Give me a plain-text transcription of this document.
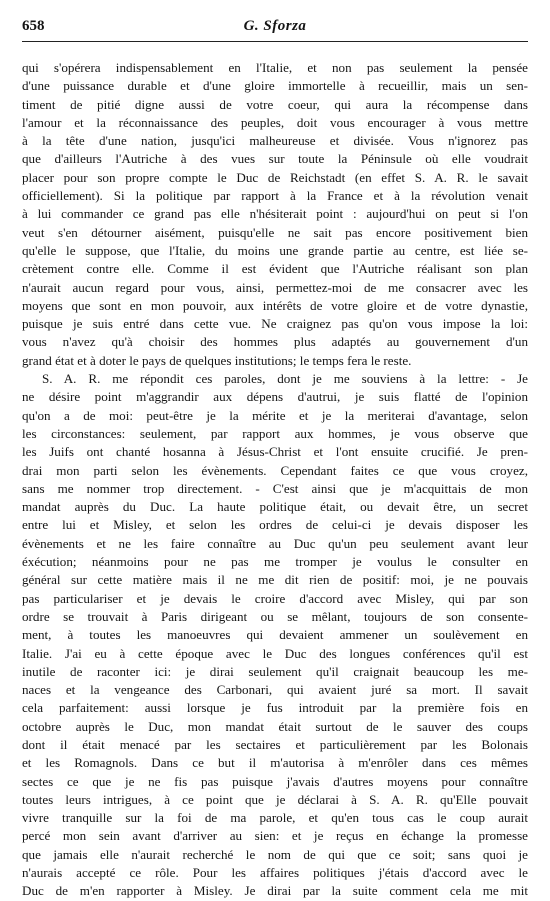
658	G. Sforza
qui s'opérera indispensablement en l'Italie, et non pas seulement la pensée
d'une puissance durable et d'une gloire immortelle à recueillir, mais un sen-
timent de pitié digne aussi de votre coeur, qui aura la récompense dans
l'amour et la réconnaissance des peuples, doit vous encourager à vous mettre
à la tête d'une nation, jusqu'ici malheureuse et divisée. Vous n'ignorez pas
que d'ailleurs l'Autriche à des vues sur toute la Péninsule où elle voudrait
placer pour son propre compte le Duc de Reichstadt (en effet S. A. R. le savait
officiellement). Si la politique par rapport à la France et à la révolution venait
à lui commander ce grand pas elle n'hésiterait point : aujourd'hui on peut si l'on
veut s'en détourner aisément, puisqu'elle ne sait pas encore positivement bien
qu'elle le suppose, que l'Italie, du moins une grande partie au centre, est liée se-
crètement contre elle. Comme il est évident que l'Autriche réalisant son plan
n'aurait aucun regard pour vous, ainsi, permettez-moi de me consacrer avec les
moyens que sont en mon pouvoir, aux intérêts de votre gloire et de votre dynastie,
puisque je suis entré dans cette vue. Ne craignez pas qu'on vous impose la loi:
vous n'avez qu'à choisir des hommes plus adaptés au gouvernement d'un
grand état et à doter le pays de quelques institutions; le temps fera le reste.
S. A. R. me répondit ces paroles, dont je me souviens à la lettre: - Je
ne désire point m'aggrandir aux dépens d'autrui, je suis flatté de l'opinion
qu'on a de moi: peut-être je la mérite et je la meriterai d'avantage, selon
les circonstances: seulement, par rapport aux hommes, je vous observe que
les Juifs ont chanté hosanna à Jésus-Christ et l'ont ensuite crucifié. Je pren-
drai mon parti selon les évènements. Cependant faites ce que vous croyez,
sans me nommer trop directement. - C'est ainsi que je m'acquittais de mon
mandat auprès du Duc. La haute politique était, ou devait être, un secret
entre lui et Misley, et selon les ordres de celui-ci je devais disposer les
évènements et ne les faire connaître au Duc qu'un peu seulement avant leur
éxécution; néanmoins pour ne pas me tromper je voulus le consulter en
général sur cette matière mais il ne me dit rien de positif: moi, je ne pouvais
pas particulariser et je devais le croire d'accord avec Misley, qui par son
ordre se trouvait à Paris dirigeant ou se mêlant, toujours de son consente-
ment, à toutes les manoeuvres qui devaient ammener un soulèvement en
Italie. J'ai eu à cette époque avec le Duc des longues conférences qu'il est
inutile de raconter ici: je dirai seulement qu'il craignait beaucoup les me-
naces et la vengeance des Carbonari, qui avaient juré sa mort. Il savait
cela parfaitement: aussi lorsque je fus introduit par la première fois en
octobre auprès le Duc, mon mandat était surtout de le sauver des coups
dont il était menacé par les sectaires et particulièrement par les Bolonais
et les Romagnols. Dans ce but il m'autorisa à m'enrôler dans ces mêmes
sectes ce que je ne fis pas puisque j'avais d'autres moyens pour connaître
toutes leurs intrigues, à ce point que je déclarai à S. A. R. qu'Elle pouvait
vivre tranquille sur la foi de ma parole, et qu'en tous cas le coup aurait
percé mon sein avant d'arriver au sien: et je reçus en échange la promesse
que jamais elle n'aurait recherché le nom de qui que ce soit; sans quoi je
n'aurais accepté ce rôle. Pour les affaires politiques j'étais d'accord avec le
Duc de m'en rapporter à Misley. Je dirai par la suite comment cela me mit
